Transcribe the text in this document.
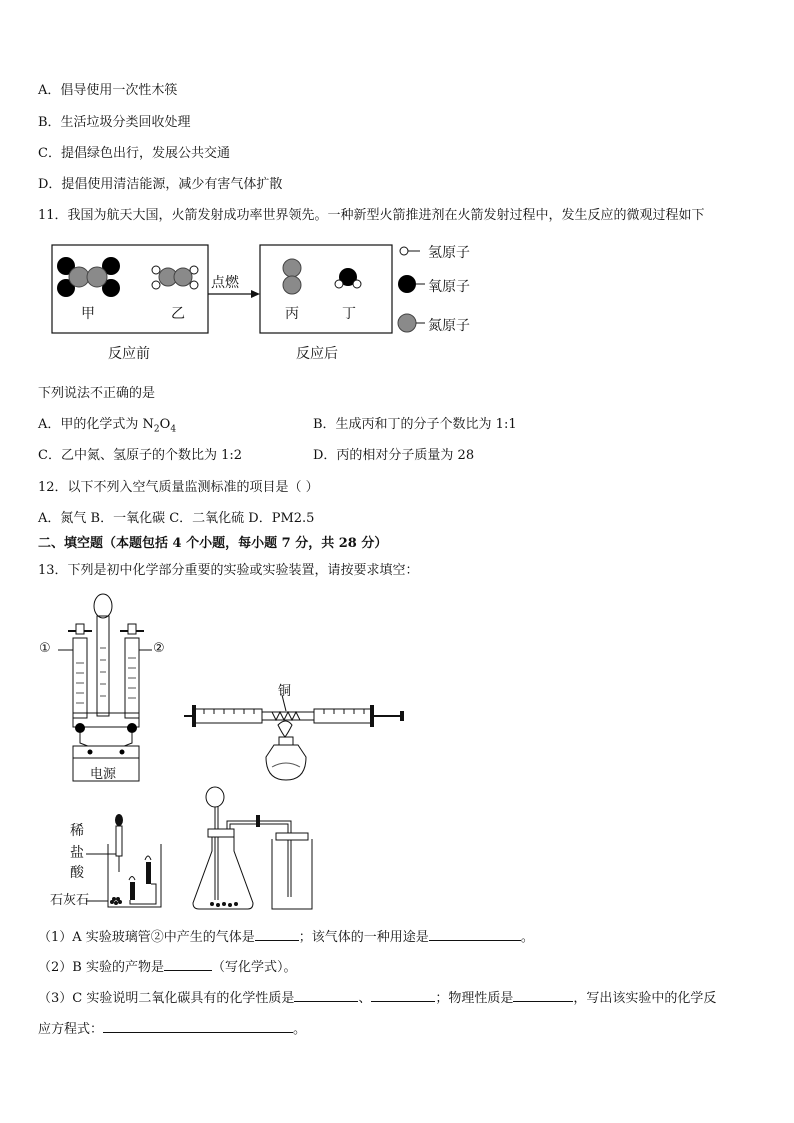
A．倡导使用一次性木筷
B．生活垃圾分类回收处理
C．提倡绿色出行，发展公共交通
D．提倡使用清洁能源，减少有害气体扩散
11．我国为航天大国，火箭发射成功率世界领先。一种新型火箭推进剂在火箭发射过程中，发生反应的微观过程如下
甲	乙
点燃
丙	丁
氢原子
氧原子
氮原子
反应前	反应后
下列说法不正确的是
A．甲的化学式为 $N_2O_4$	B．生成丙和丁的分子个数比为 1:1
C．乙中氮、氢原子的个数比为 1:2	D．丙的相对分子质量为 28
12．以下不列入空气质量监测标准的项目是（ ）
A．氮气 B．一氧化碳 C．二氧化硫 D．PM2.5
二、填空题（本题包括 4 个小题，每小题 7 分，共 28 分）
13．下列是初中化学部分重要的实验或实验装置，请按要求填空：
①	②
电源
铜
稀
盐
酸
石灰石
（1）A 实验玻璃管②中产生的气体是	；该气体的一种用途是	。
（2）B 实验的产物是	（写化学式）。
（3）C 实验说明二氧化碳具有的化学性质是	、	；物理性质是	，写出该实验中的化学反
应方程式：	。
